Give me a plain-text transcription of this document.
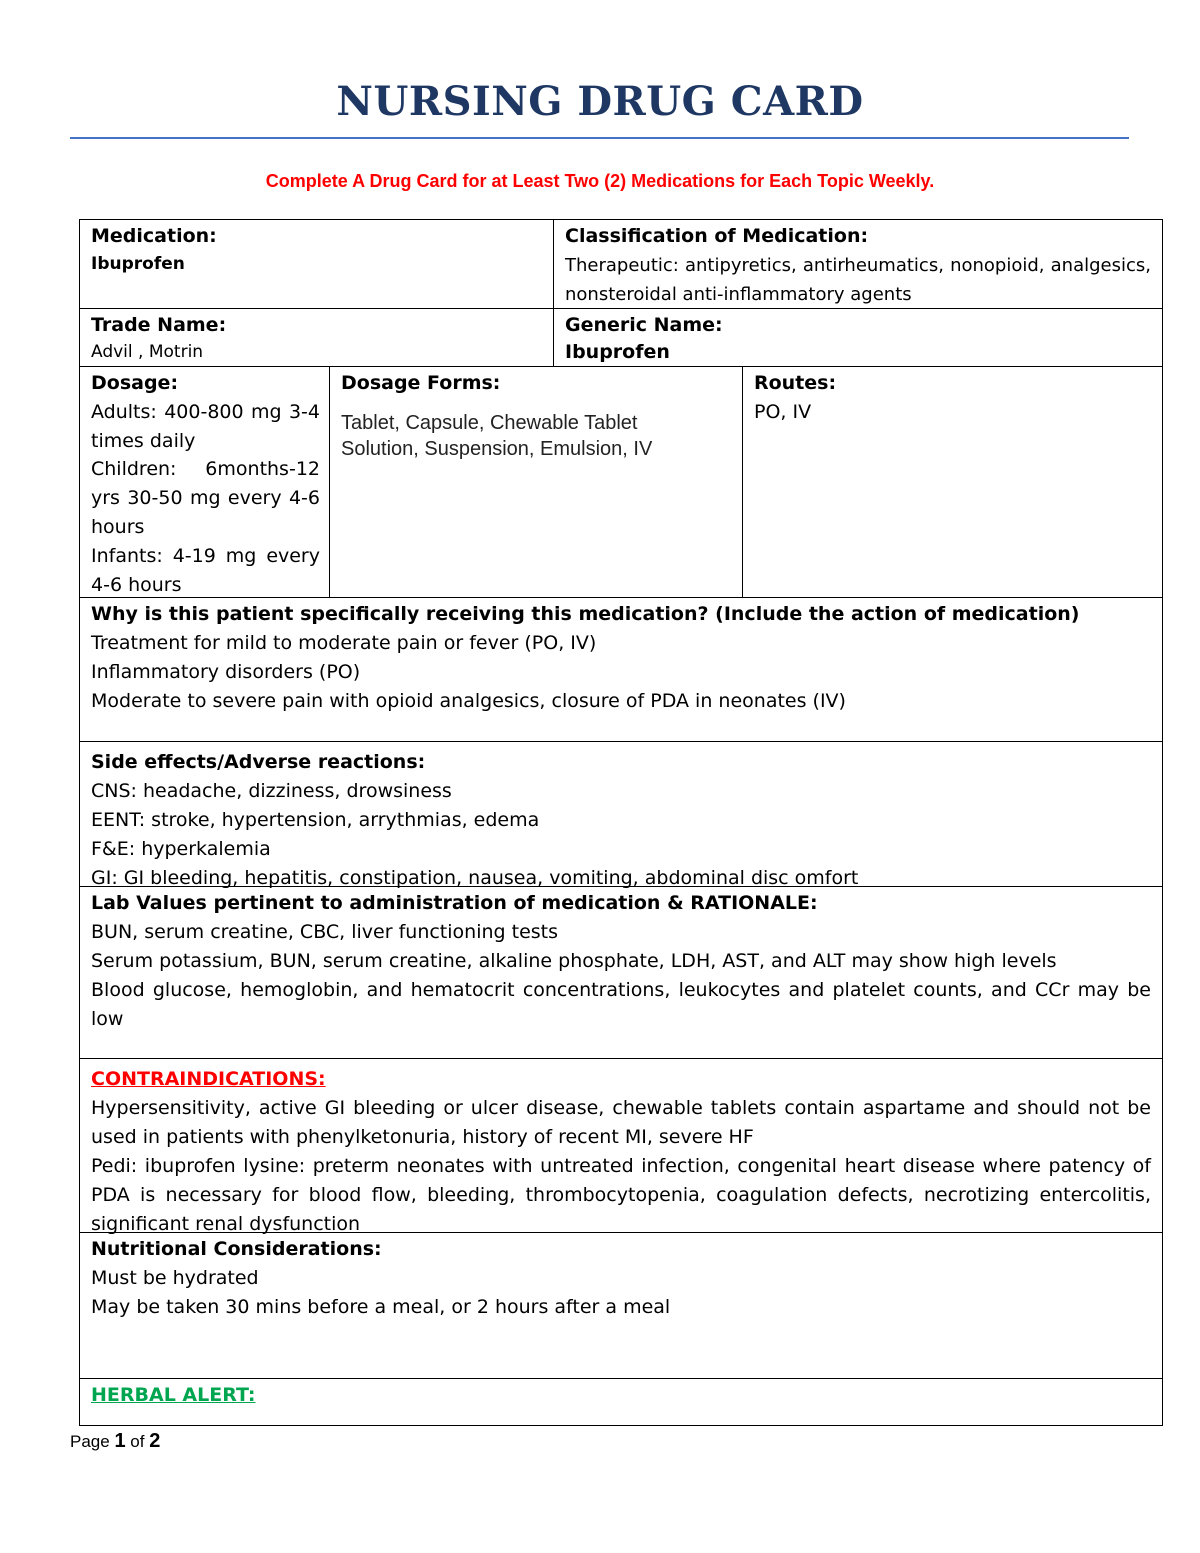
NURSING DRUG CARD
Complete A Drug Card for at Least Two (2) Medications for Each Topic Weekly.
Medication:
Ibuprofen
Classification of Medication:
Therapeutic: antipyretics, antirheumatics, nonopioid, analgesics, nonsteroidal anti-inflammatory agents
Trade Name:
Advil , Motrin
Generic Name:
Ibuprofen
Dosage:
Adults: 400-800 mg 3-4 times daily
Children: 6months-12 yrs 30-50 mg every 4-6 hours
Infants: 4-19 mg every 4-6 hours
Dosage Forms:
Tablet, Capsule, Chewable Tablet
Solution, Suspension, Emulsion, IV
Routes:
PO, IV
Why is this patient specifically receiving this medication? (Include the action of medication)
Treatment for mild to moderate pain or fever (PO, IV)
Inflammatory disorders (PO)
Moderate to severe pain with opioid analgesics, closure of PDA in neonates (IV)
Side effects/Adverse reactions:
CNS: headache, dizziness, drowsiness
EENT: stroke, hypertension, arrythmias, edema
F&E: hyperkalemia
GI: GI bleeding, hepatitis, constipation, nausea, vomiting, abdominal disc omfort
Lab Values pertinent to administration of medication & RATIONALE:
BUN, serum creatine, CBC, liver functioning tests
Serum potassium, BUN, serum creatine, alkaline phosphate, LDH, AST, and ALT may show high levels
Blood glucose, hemoglobin, and hematocrit concentrations, leukocytes and platelet counts, and CCr may be low
CONTRAINDICATIONS:
Hypersensitivity, active GI bleeding or ulcer disease, chewable tablets contain aspartame and should not be used in patients with phenylketonuria, history of recent MI, severe HF
Pedi: ibuprofen lysine: preterm neonates with untreated infection, congenital heart disease where patency of PDA is necessary for blood flow, bleeding, thrombocytopenia, coagulation defects, necrotizing entercolitis, significant renal dysfunction
Nutritional Considerations:
Must be hydrated
May be taken 30 mins before a meal, or 2 hours after a meal
HERBAL ALERT:
Page 1 of 2
